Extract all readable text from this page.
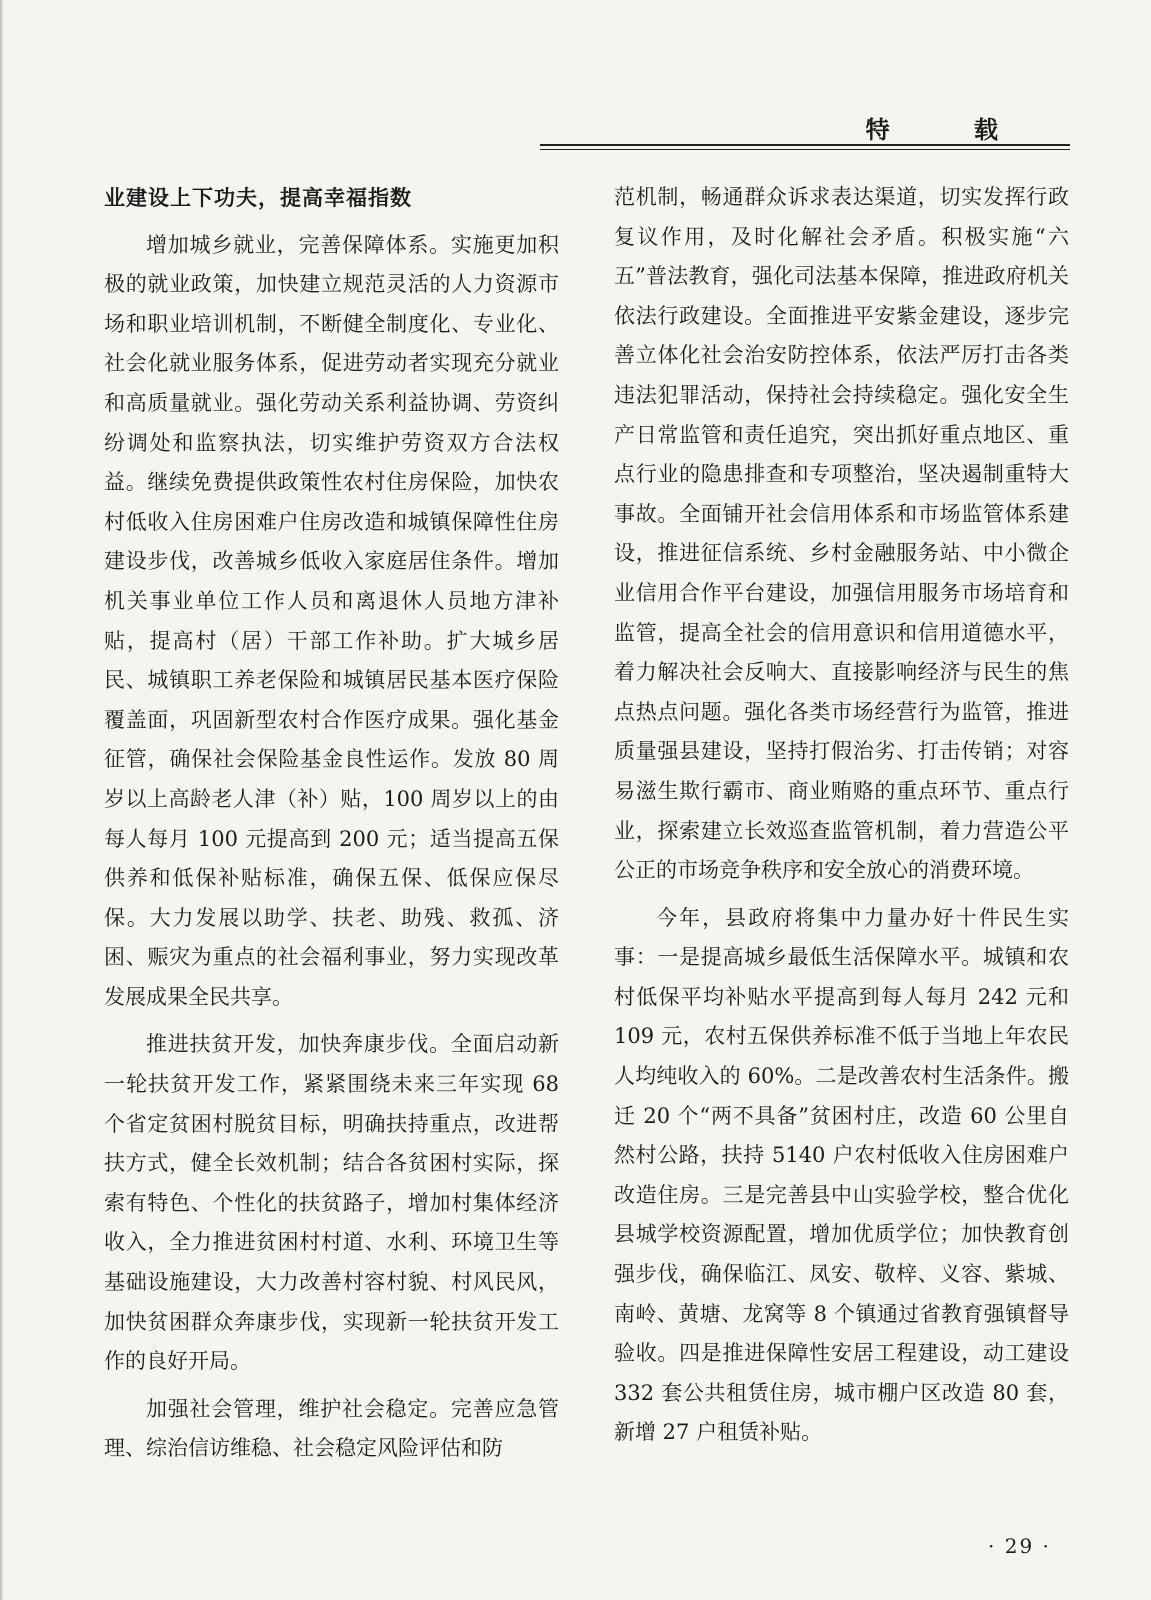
特 载

业建设上下功夫，提高幸福指数

增加城乡就业，完善保障体系。实施更加积极的就业政策，加快建立规范灵活的人力资源市场和职业培训机制，不断健全制度化、专业化、社会化就业服务体系，促进劳动者实现充分就业和高质量就业。强化劳动关系利益协调、劳资纠纷调处和监察执法，切实维护劳资双方合法权益。继续免费提供政策性农村住房保险，加快农村低收入住房困难户住房改造和城镇保障性住房建设步伐，改善城乡低收入家庭居住条件。增加机关事业单位工作人员和离退休人员地方津补贴，提高村（居）干部工作补助。扩大城乡居民、城镇职工养老保险和城镇居民基本医疗保险覆盖面，巩固新型农村合作医疗成果。强化基金征管，确保社会保险基金良性运作。发放 80 周岁以上高龄老人津（补）贴，100 周岁以上的由每人每月 100 元提高到 200 元；适当提高五保供养和低保补贴标准，确保五保、低保应保尽保。大力发展以助学、扶老、助残、救孤、济困、赈灾为重点的社会福利事业，努力实现改革发展成果全民共享。

推进扶贫开发，加快奔康步伐。全面启动新一轮扶贫开发工作，紧紧围绕未来三年实现 68 个省定贫困村脱贫目标，明确扶持重点，改进帮扶方式，健全长效机制；结合各贫困村实际，探索有特色、个性化的扶贫路子，增加村集体经济收入，全力推进贫困村村道、水利、环境卫生等基础设施建设，大力改善村容村貌、村风民风，加快贫困群众奔康步伐，实现新一轮扶贫开发工作的良好开局。

加强社会管理，维护社会稳定。完善应急管理、综治信访维稳、社会稳定风险评估和防

范机制，畅通群众诉求表达渠道，切实发挥行政复议作用，及时化解社会矛盾。积极实施“六五”普法教育，强化司法基本保障，推进政府机关依法行政建设。全面推进平安紫金建设，逐步完善立体化社会治安防控体系，依法严厉打击各类违法犯罪活动，保持社会持续稳定。强化安全生产日常监管和责任追究，突出抓好重点地区、重点行业的隐患排查和专项整治，坚决遏制重特大事故。全面铺开社会信用体系和市场监管体系建设，推进征信系统、乡村金融服务站、中小微企业信用合作平台建设，加强信用服务市场培育和监管，提高全社会的信用意识和信用道德水平，着力解决社会反响大、直接影响经济与民生的焦点热点问题。强化各类市场经营行为监管，推进质量强县建设，坚持打假治劣、打击传销；对容易滋生欺行霸市、商业贿赂的重点环节、重点行业，探索建立长效巡查监管机制，着力营造公平公正的市场竞争秩序和安全放心的消费环境。

今年，县政府将集中力量办好十件民生实事：一是提高城乡最低生活保障水平。城镇和农村低保平均补贴水平提高到每人每月 242 元和 109 元，农村五保供养标准不低于当地上年农民人均纯收入的 60%。二是改善农村生活条件。搬迁 20 个“两不具备”贫困村庄，改造 60 公里自然村公路，扶持 5140 户农村低收入住房困难户改造住房。三是完善县中山实验学校，整合优化县城学校资源配置，增加优质学位；加快教育创强步伐，确保临江、凤安、敬梓、义容、紫城、南岭、黄塘、龙窝等 8 个镇通过省教育强镇督导验收。四是推进保障性安居工程建设，动工建设 332 套公共租赁住房，城市棚户区改造 80 套，新增 27 户租赁补贴。

· 29 ·
